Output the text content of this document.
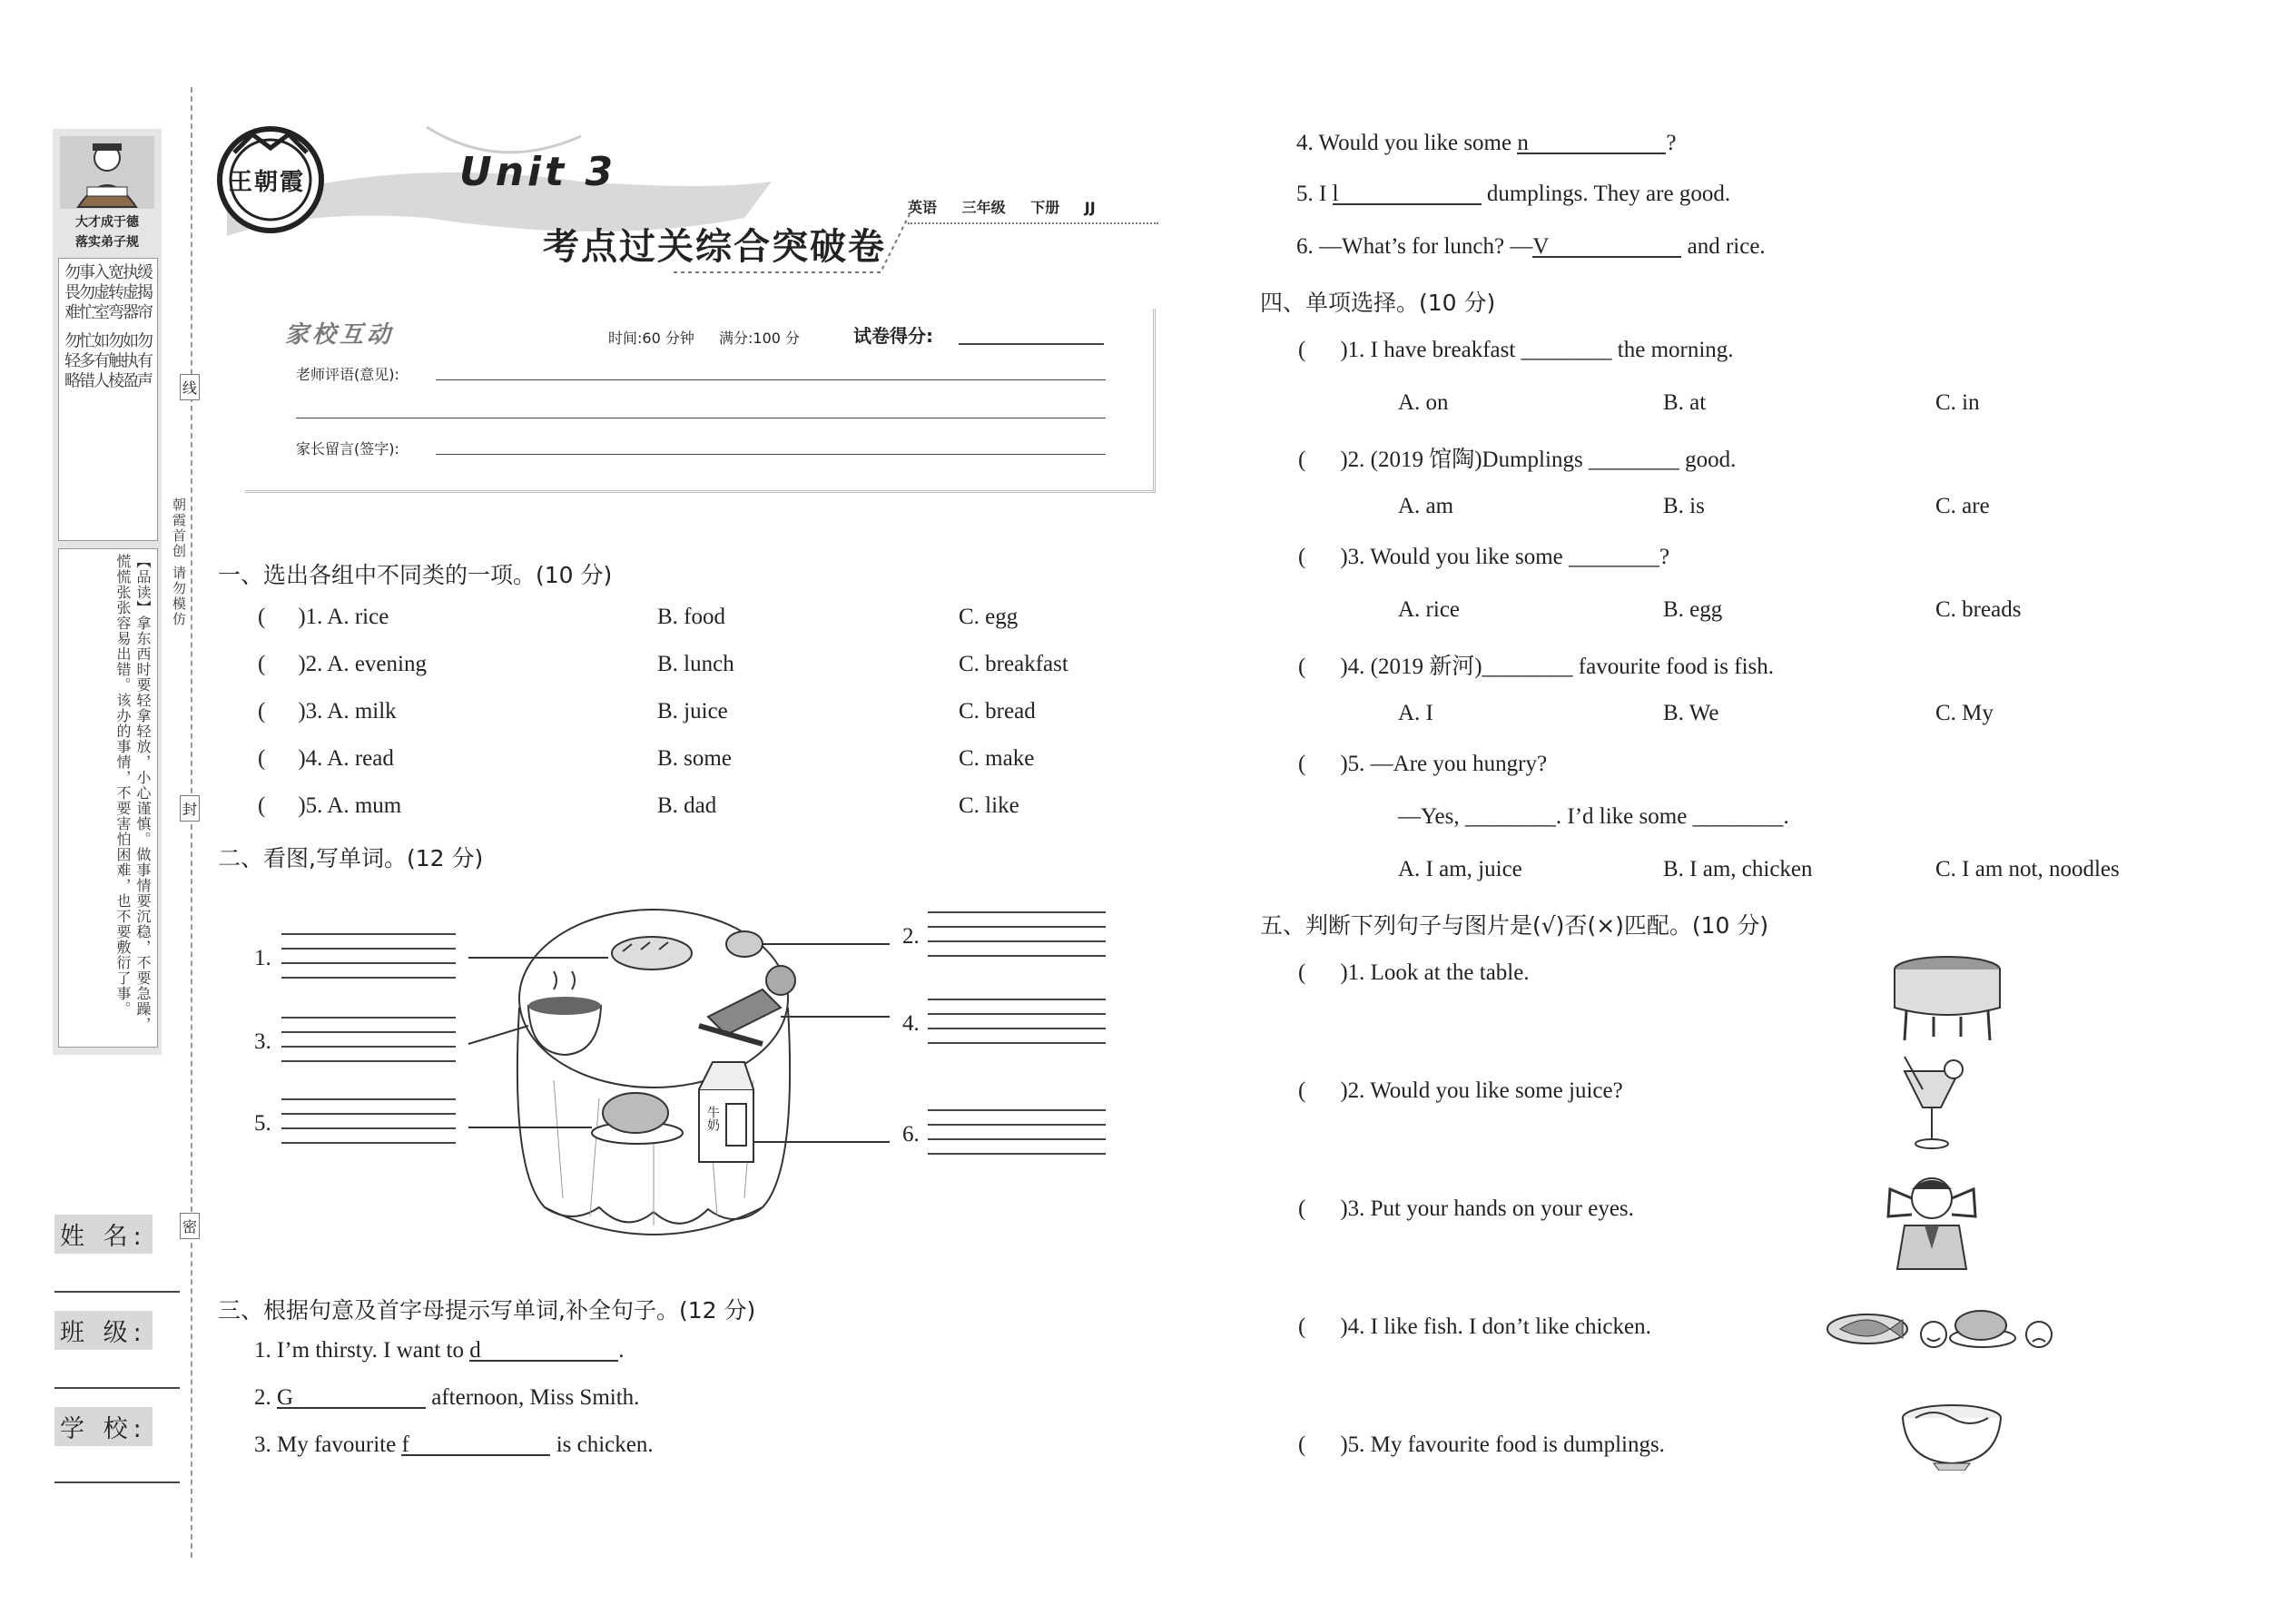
大才成于德
落实弟子规
缓揭帘 勿有声
执虚器 如执盈
宽转弯 勿触棱
入虚室 如有人
事勿忙 忙多错
勿畏难 勿轻略
【品读】拿东西时要轻拿轻放，小心谨慎。做事情要沉稳，不要急躁，慌慌张张容易出错。该办的事情，不要害怕困难，也不要敷衍了事。
线
封
密
朝霞首创 请勿模仿
姓 名:
班 级:
学 校:
王朝霞	Unit 3
考点过关综合突破卷
英语 三年级 下册 JJ
家校互动	时间:60 分钟 满分:100 分	试卷得分:
老师评语(意见):
家长留言(签字):
一、选出各组中不同类的一项。(10 分)
( )1. A. rice	B. food	C. egg
( )2. A. evening	B. lunch	C. breakfast
( )3. A. milk	B. juice	C. bread
( )4. A. read	B. some	C. make
( )5. A. mum	B. dad	C. like
二、看图,写单词。(12 分)
牛奶
1.
2.
3.
4.
5.	6.
三、根据句意及首字母提示写单词,补全句子。(12 分)
1. I’m thirsty. I want to d	.
2. G	afternoon, Miss Smith.
3. My favourite f	is chicken.
4. Would you like some n	?
5. I l	dumplings. They are good.
6. —What’s for lunch? —V	and rice.
四、单项选择。(10 分)
( )1. I have breakfast ________ the morning.
A. on	B. at	C. in
( )2. (2019 馆陶)Dumplings ________ good.
A. am	B. is	C. are
( )3. Would you like some ________?
A. rice	B. egg	C. breads
( )4. (2019 新河)________ favourite food is fish.
A. I	B. We	C. My
( )5. —Are you hungry?
—Yes, ________. I’d like some ________.
A. I am, juice	B. I am, chicken	C. I am not, noodles
五、判断下列句子与图片是(√)否(×)匹配。(10 分)
( )1. Look at the table.
( )2. Would you like some juice?
( )3. Put your hands on your eyes.
( )4. I like fish. I don’t like chicken.
( )5. My favourite food is dumplings.
